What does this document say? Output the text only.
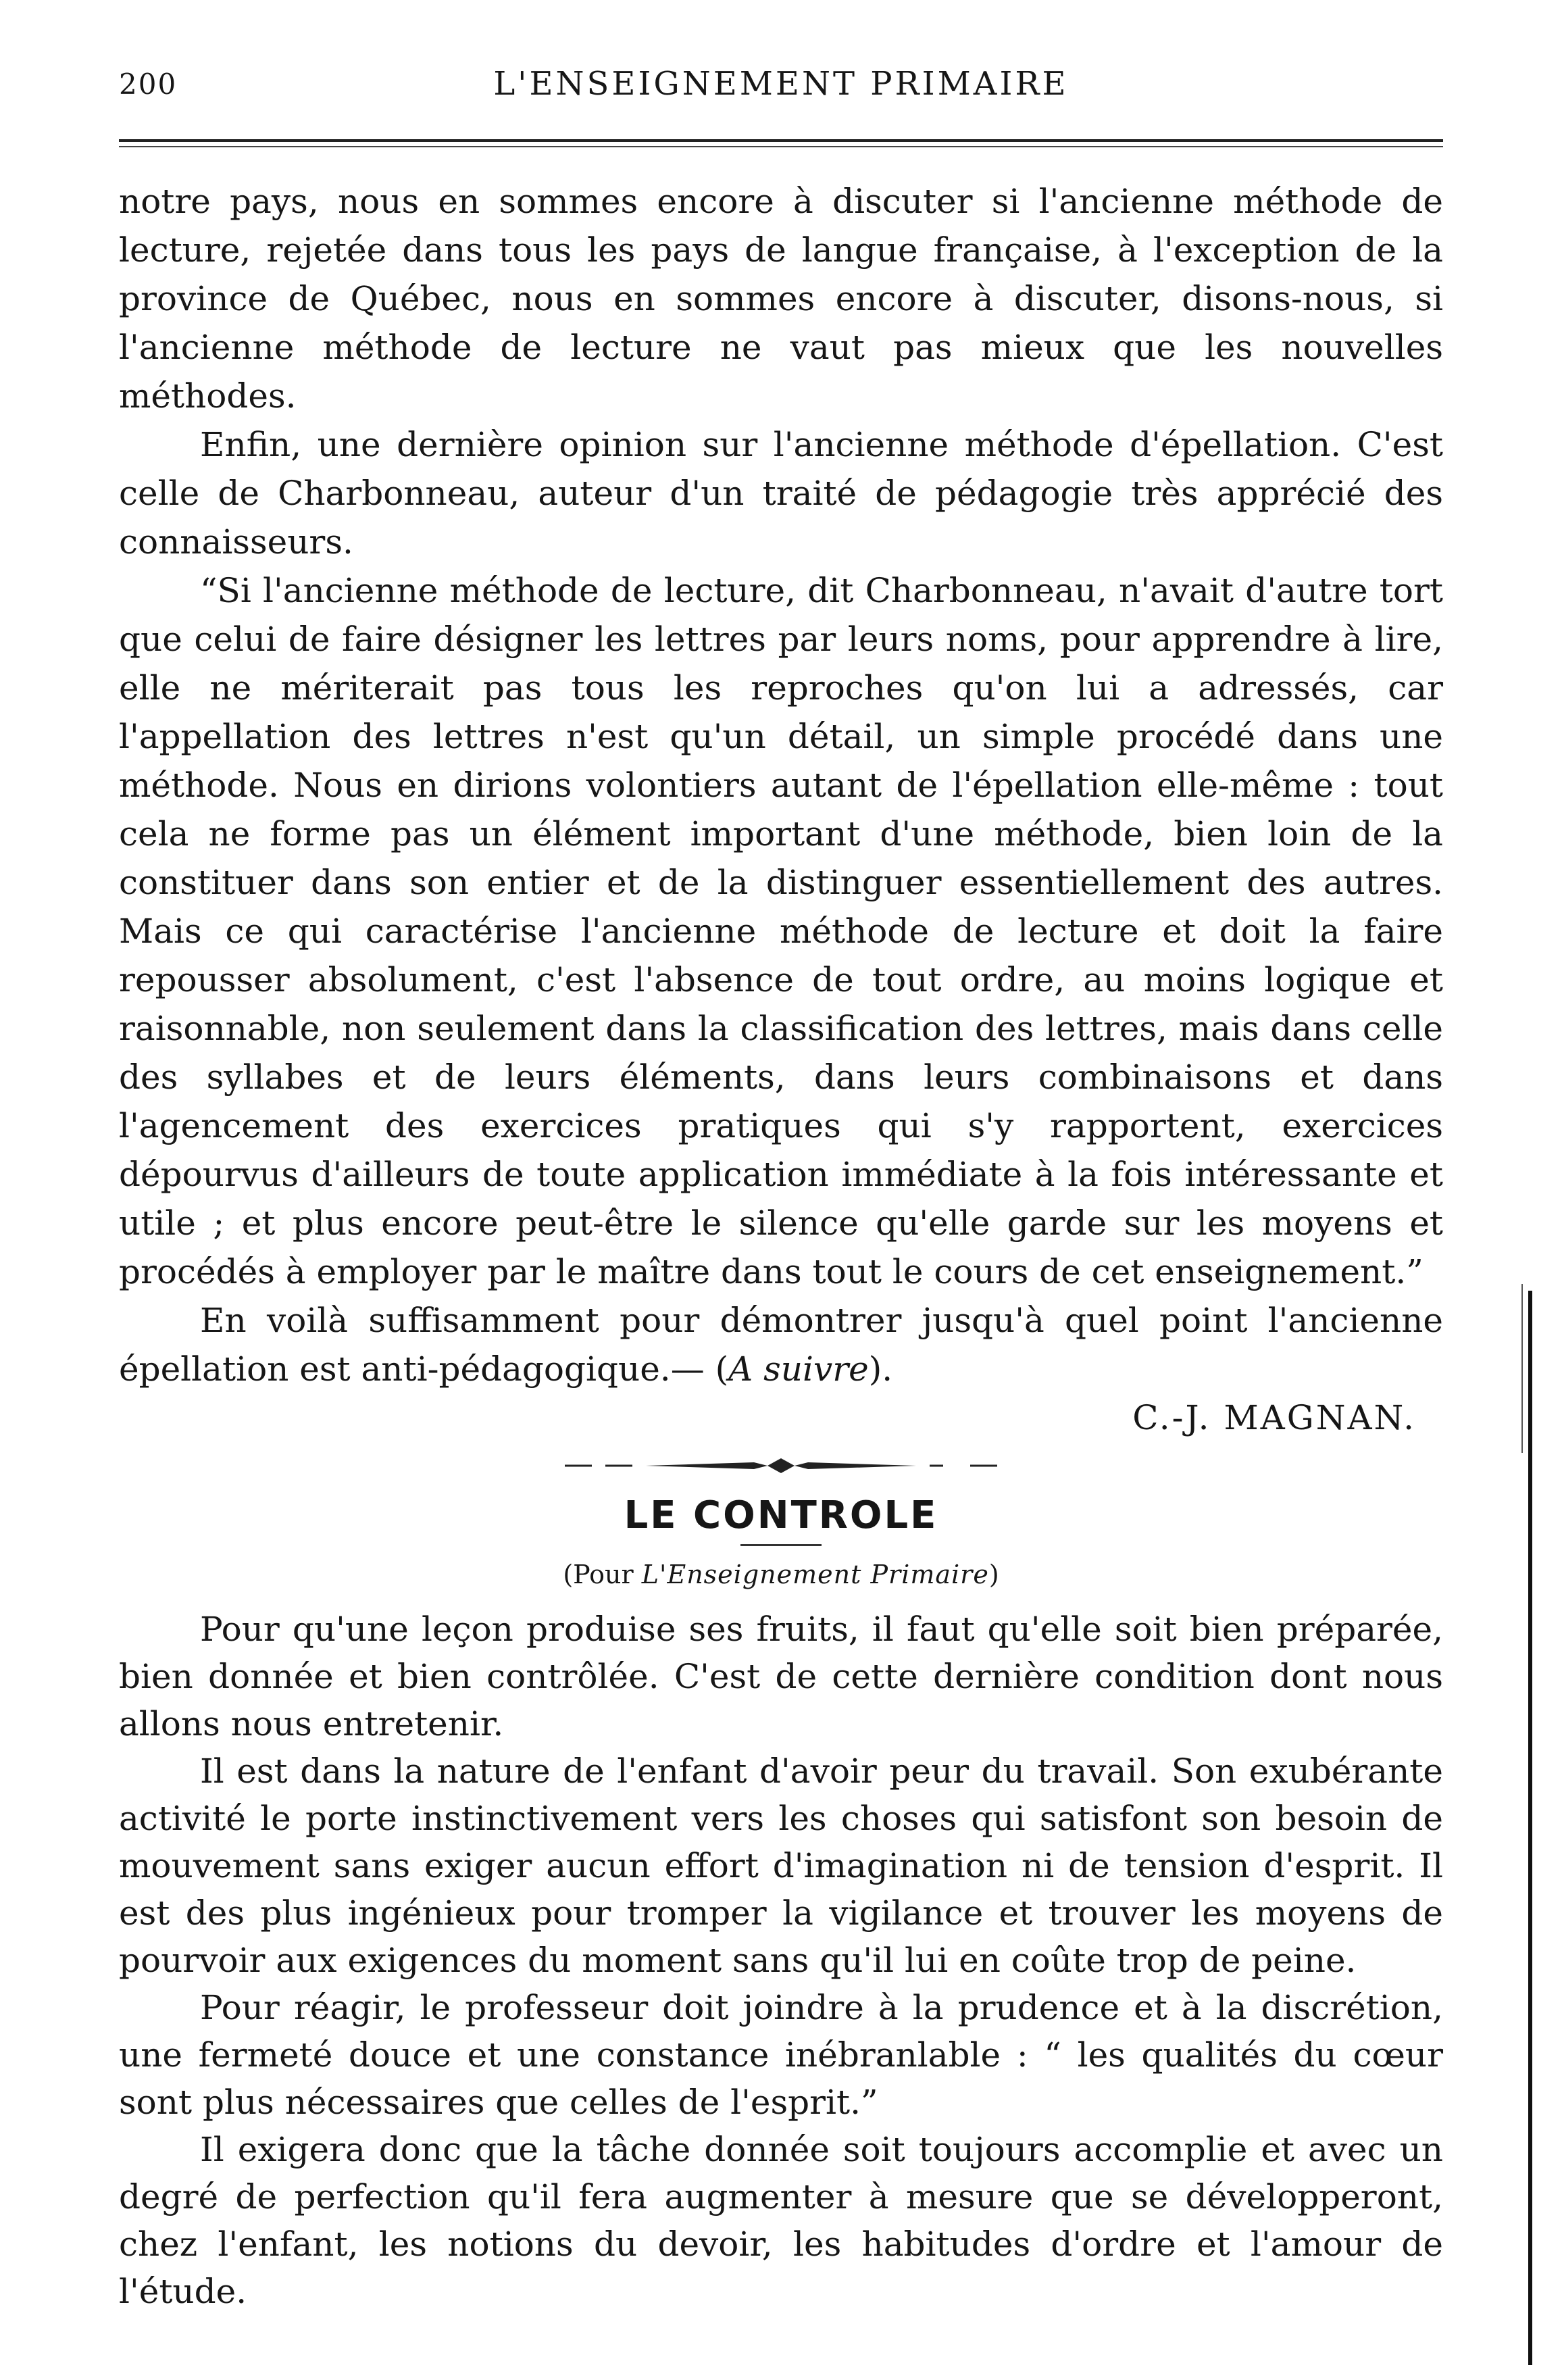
200	L'ENSEIGNEMENT PRIMAIRE

notre pays, nous en sommes encore à discuter si l'ancienne méthode de lecture, rejetée dans tous les pays de langue française, à l'exception de la province de Québec, nous en sommes encore à discuter, disons-nous, si l'ancienne méthode de lecture ne vaut pas mieux que les nouvelles méthodes.

Enfin, une dernière opinion sur l'ancienne méthode d'épellation. C'est celle de Charbonneau, auteur d'un traité de pédagogie très apprécié des connaisseurs.

“Si l'ancienne méthode de lecture, dit Charbonneau, n'avait d'autre tort que celui de faire désigner les lettres par leurs noms, pour apprendre à lire, elle ne mériterait pas tous les reproches qu'on lui a adressés, car l'appellation des lettres n'est qu'un détail, un simple procédé dans une méthode. Nous en dirions volontiers autant de l'épellation elle-même : tout cela ne forme pas un élément important d'une méthode, bien loin de la constituer dans son entier et de la distinguer essentiellement des autres. Mais ce qui caractérise l'ancienne méthode de lecture et doit la faire repousser absolument, c'est l'absence de tout ordre, au moins logique et raisonnable, non seulement dans la classification des lettres, mais dans celle des syllabes et de leurs éléments, dans leurs combinaisons et dans l'agencement des exercices pratiques qui s'y rapportent, exercices dépourvus d'ailleurs de toute application immédiate à la fois intéressante et utile ; et plus encore peut-être le silence qu'elle garde sur les moyens et procédés à employer par le maître dans tout le cours de cet enseignement.”

En voilà suffisamment pour démontrer jusqu'à quel point l'ancienne épellation est anti-pédagogique.— (A suivre).

C.-J. MAGNAN.
LE CONTROLE
(Pour L'Enseignement Primaire)

Pour qu'une leçon produise ses fruits, il faut qu'elle soit bien préparée, bien donnée et bien contrôlée. C'est de cette dernière condition dont nous allons nous entretenir.

Il est dans la nature de l'enfant d'avoir peur du travail. Son exubérante activité le porte instinctivement vers les choses qui satisfont son besoin de mouvement sans exiger aucun effort d'imagination ni de tension d'esprit. Il est des plus ingénieux pour tromper la vigilance et trouver les moyens de pourvoir aux exigences du moment sans qu'il lui en coûte trop de peine.

Pour réagir, le professeur doit joindre à la prudence et à la discrétion, une fermeté douce et une constance inébranlable : “ les qualités du cœur sont plus nécessaires que celles de l'esprit.”

Il exigera donc que la tâche donnée soit toujours accomplie et avec un degré de perfection qu'il fera augmenter à mesure que se développeront, chez l'enfant, les notions du devoir, les habitudes d'ordre et l'amour de l'étude.
